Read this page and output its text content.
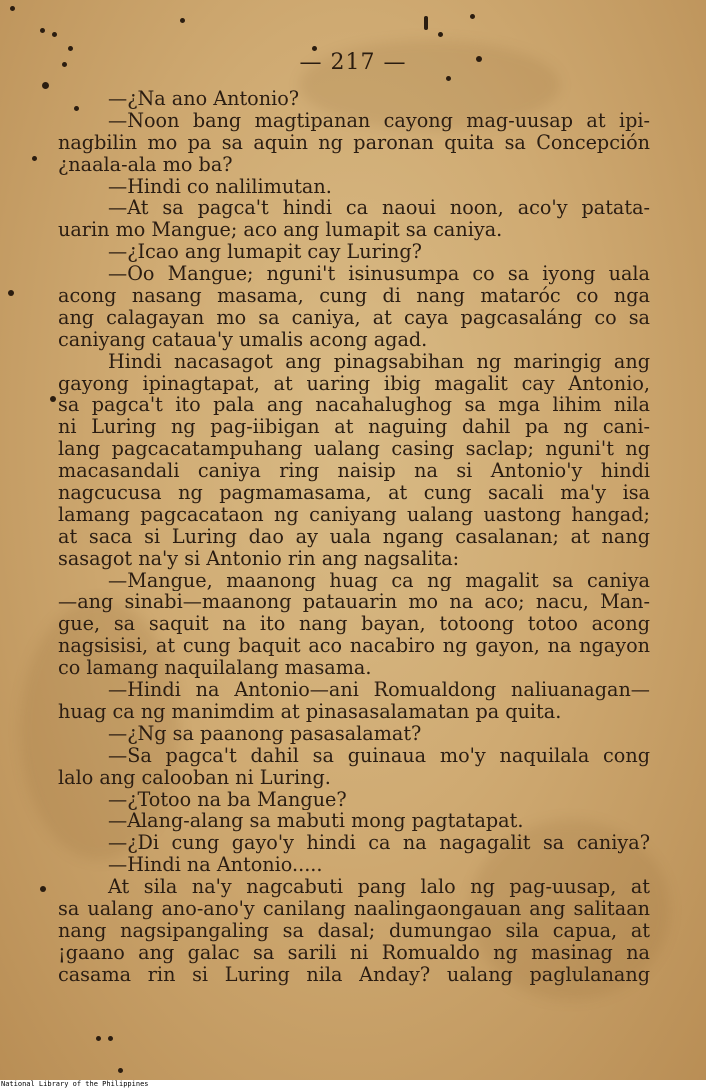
— 217 —
—¿Na ano Antonio?
—Noon bang magtipanan cayong mag-uusap at ipi-
nagbilin mo pa sa aquin ng paronan quita sa Concepción
¿naala-ala mo ba?
—Hindi co nalilimutan.
—At sa pagca't hindi ca naoui noon, aco'y patata-
uarin mo Mangue; aco ang lumapit sa caniya.
—¿Icao ang lumapit cay Luring?
—Oo Mangue; nguni't isinusumpa co sa iyong uala
acong nasang masama, cung di nang mataróc co nga
ang calagayan mo sa caniya, at caya pagcasaláng co sa
caniyang catauа'y umalis acong agad.
Hindi nacasagot ang pinagsabihan ng maringig ang
gayong ipinagtapat, at uaring ibig magalit cay Antonio,
sa pagca't ito pala ang nacahalughog sa mga lihim nila
ni Luring ng pag-iibigan at naguing dahil pa ng cani-
lang pagcacatampuhang ualang casing saclap; nguni't ng
macasandali caniya ring naisip na si Antonio'y hindi
nagcucusa ng pagmamasama, at cung sacali ma'y isa
lamang pagcacataon ng caniyang ualang uastong hangad;
at saca si Luring dao ay uala ngang casalanan; at nang
sasagot na'y si Antonio rin ang nagsalita:
—Mangue, maanong huag ca ng magalit sa caniya
—ang sinabi—maanong patauarin mo na aco; nacu, Man-
gue, sa saquit na ito nang bayan, totoong totoo acong
nagsisisi, at cung baquit aco nacabiro ng gayon, na ngayon
co lamang naquilalang masama.
—Hindi na Antonio—ani Romualdong naliuanagan—
huag ca ng manimdim at pinasasalamatan pa quita.
—¿Ng sa paanong pasasalamat?
—Sa pagca't dahil sa guinaua mo'y naquilala cong
lalo ang calooban ni Luring.
—¿Totoo na ba Mangue?
—Alang-alang sa mabuti mong pagtatapat.
—¿Di cung gayo'y hindi ca na nagagalit sa caniya?
—Hindi na Antonio.....
At sila na'y nagcabuti pang lalo ng pag-uusap, at
sa ualang ano-ano'y canilang naalingaongauan ang salitaan
nang nagsipangaling sa dasal; dumungao sila capua, at
¡gaano ang galac sa sarili ni Romualdo ng masinag na
casama rin si Luring nila Anday? ualang paglulanang
National Library of the Philippines
